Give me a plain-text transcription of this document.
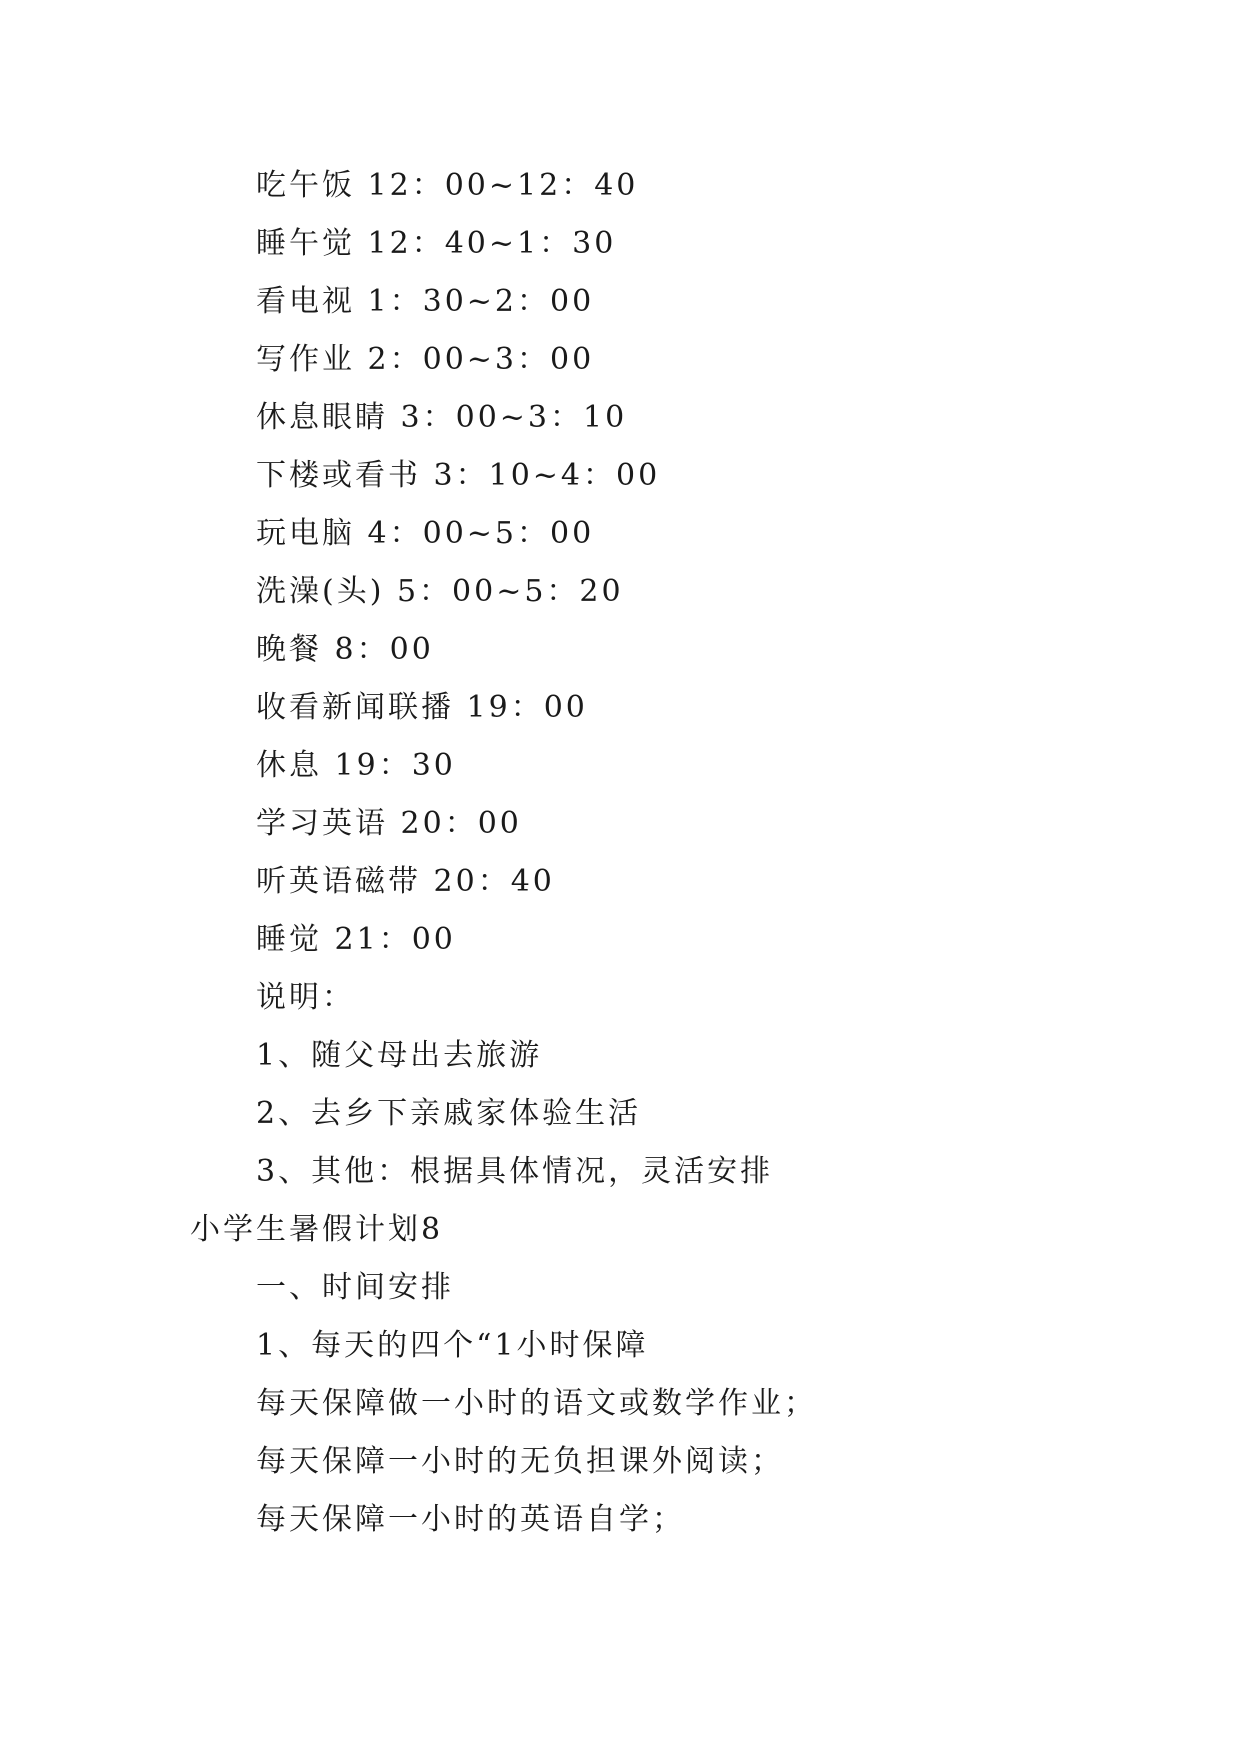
吃午饭 12：00~12：40
睡午觉 12：40~1：30
看电视 1：30~2：00
写作业 2：00~3：00
休息眼睛 3：00~3：10
下楼或看书 3：10~4：00
玩电脑 4：00~5：00
洗澡(头) 5：00~5：20
晚餐 8：00
收看新闻联播 19：00
休息 19：30
学习英语 20：00
听英语磁带 20：40
睡觉 21：00
说明：
1、随父母出去旅游
2、去乡下亲戚家体验生活
3、其他：根据具体情况，灵活安排
小学生暑假计划8
一、时间安排
1、每天的四个“1小时保障
每天保障做一小时的语文或数学作业；
每天保障一小时的无负担课外阅读；
每天保障一小时的英语自学；
